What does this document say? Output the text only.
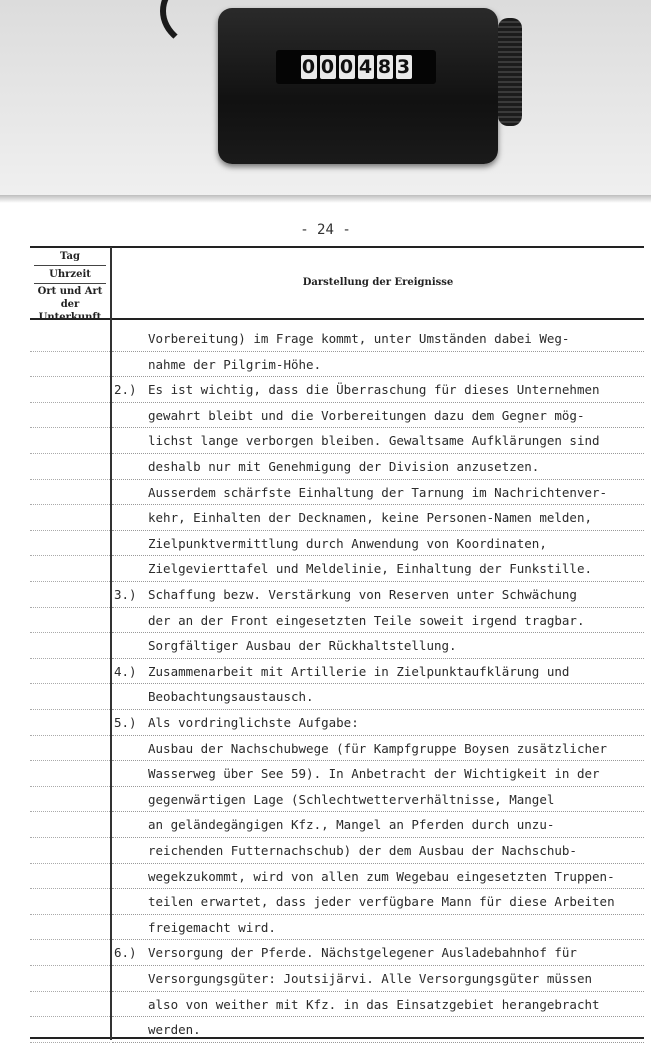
0 0 0 4 8 3
- 24 -
Tag
Uhrzeit
Ort und Art der Unterkunft
Darstellung der Ereignisse
Vorbereitung) im Frage kommt, unter Umständen dabei Weg-
nahme der Pilgrim-Höhe.
2.) Es ist wichtig, dass die Überraschung für dieses Unternehmen
gewahrt bleibt und die Vorbereitungen dazu dem Gegner mög-
lichst lange verborgen bleiben. Gewaltsame Aufklärungen sind
deshalb nur mit Genehmigung der Division anzusetzen.
Ausserdem schärfste Einhaltung der Tarnung im Nachrichtenver-
kehr, Einhalten der Decknamen, keine Personen-Namen melden,
Zielpunktvermittlung durch Anwendung von Koordinaten,
Zielgevierttafel und Meldelinie, Einhaltung der Funkstille.
3.) Schaffung bezw. Verstärkung von Reserven unter Schwächung
der an der Front eingesetzten Teile soweit irgend tragbar.
Sorgfältiger Ausbau der Rückhaltstellung.
4.) Zusammenarbeit mit Artillerie in Zielpunktaufklärung und
Beobachtungsaustausch.
5.) Als vordringlichste Aufgabe:
Ausbau der Nachschubwege (für Kampfgruppe Boysen zusätzlicher
Wasserweg über See 59). In Anbetracht der Wichtigkeit in der
gegenwärtigen Lage (Schlechtwetterverhältnisse, Mangel
an geländegängigen Kfz., Mangel an Pferden durch unzu-
reichenden Futternachschub) der dem Ausbau der Nachschub-
wegekzukommt, wird von allen zum Wegebau eingesetzten Truppen-
teilen erwartet, dass jeder verfügbare Mann für diese Arbeiten
freigemacht wird.
6.) Versorgung der Pferde. Nächstgelegener Ausladebahnhof für
Versorgungsgüter: Joutsijärvi. Alle Versorgungsgüter müssen
also von weither mit Kfz. in das Einsatzgebiet herangebracht
werden.
